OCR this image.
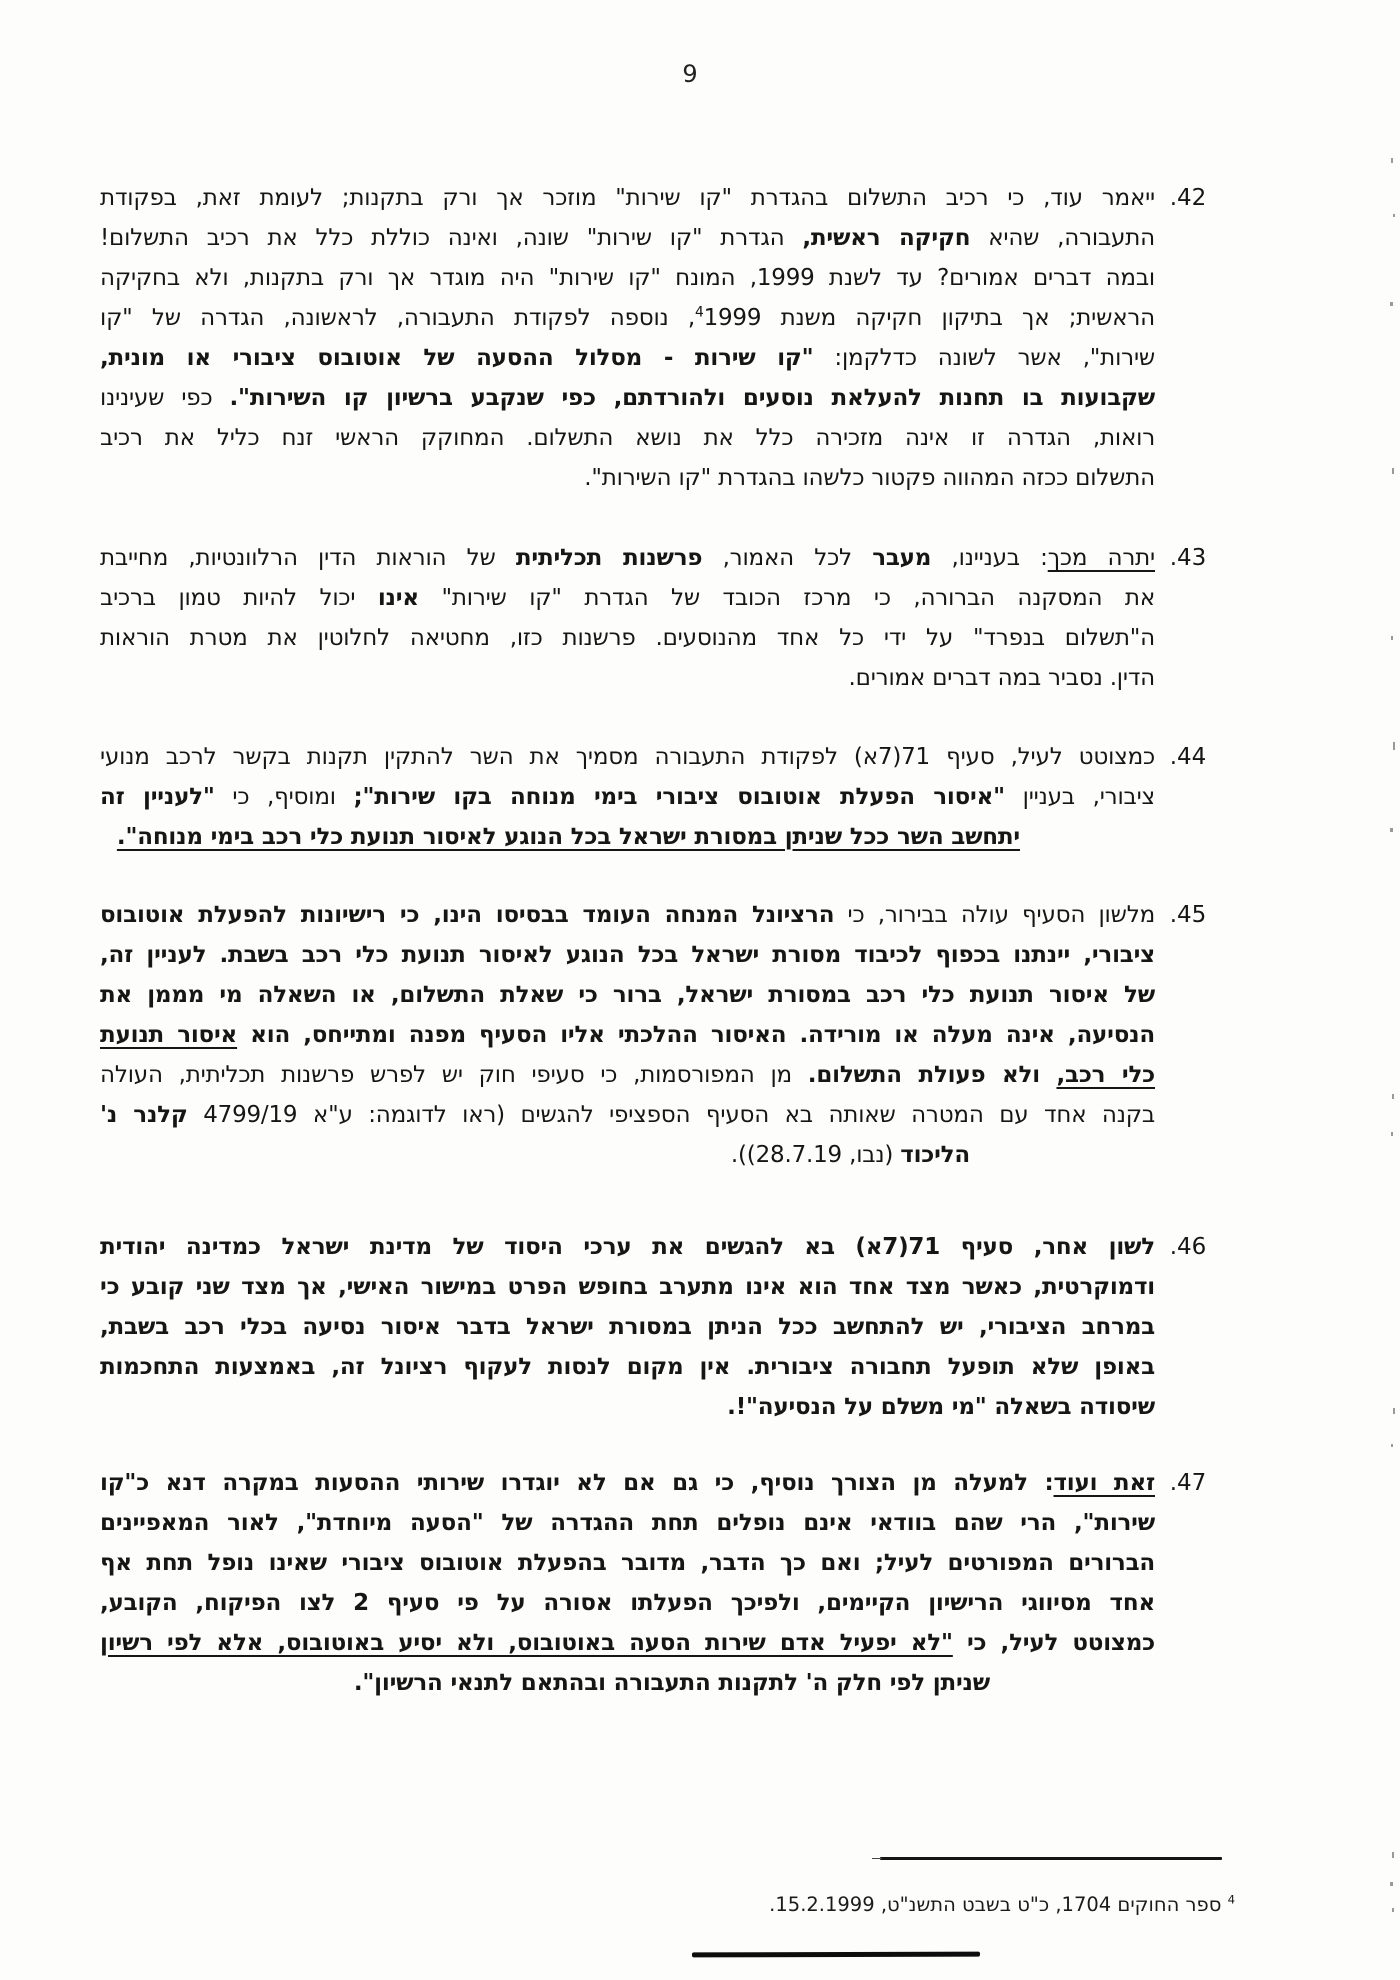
9
42.
ייאמר עוד, כי רכיב התשלום בהגדרת "קו שירות" מוזכר אך ורק בתקנות; לעומת זאת, בפקודת
התעבורה, שהיא חקיקה ראשית, הגדרת "קו שירות" שונה, ואינה כוללת כלל את רכיב התשלום!
ובמה דברים אמורים? עד לשנת 1999, המונח "קו שירות" היה מוגדר אך ורק בתקנות, ולא בחקיקה
הראשית; אך בתיקון חקיקה משנת $^4$1999, נוספה לפקודת התעבורה, לראשונה, הגדרה של "קו
שירות", אשר לשונה כדלקמן: "קו שירות - מסלול ההסעה של אוטובוס ציבורי או מונית,
שקבועות בו תחנות להעלאת נוסעים ולהורדתם, כפי שנקבע ברשיון קו השירות". כפי שעינינו
רואות, הגדרה זו אינה מזכירה כלל את נושא התשלום. המחוקק הראשי זנח כליל את רכיב
התשלום ככזה המהווה פקטור כלשהו בהגדרת "קו השירות".
43.
יתרה מכך: בעניינו, מעבר לכל האמור, פרשנות תכליתית של הוראות הדין הרלוונטיות, מחייבת
את המסקנה הברורה, כי מרכז הכובד של הגדרת "קו שירות" אינו יכול להיות טמון ברכיב
ה"תשלום בנפרד" על ידי כל אחד מהנוסעים. פרשנות כזו, מחטיאה לחלוטין את מטרת הוראות
הדין. נסביר במה דברים אמורים.
44.
כמצוטט לעיל, סעיף 71(7א) לפקודת התעבורה מסמיך את השר להתקין תקנות בקשר לרכב מנועי
ציבורי, בעניין "איסור הפעלת אוטובוס ציבורי בימי מנוחה בקו שירות"; ומוסיף, כי "לעניין זה
יתחשב השר ככל שניתן במסורת ישראל בכל הנוגע לאיסור תנועת כלי רכב בימי מנוחה".
45.
מלשון הסעיף עולה בבירור, כי הרציונל המנחה העומד בבסיסו הינו, כי רישיונות להפעלת אוטובוס
ציבורי, יינתנו בכפוף לכיבוד מסורת ישראל בכל הנוגע לאיסור תנועת כלי רכב בשבת. לעניין זה,
של איסור תנועת כלי רכב במסורת ישראל, ברור כי שאלת התשלום, או השאלה מי מממן את
הנסיעה, אינה מעלה או מורידה. האיסור ההלכתי אליו הסעיף מפנה ומתייחס, הוא איסור תנועת
כלי רכב, ולא פעולת התשלום. מן המפורסמות, כי סעיפי חוק יש לפרש פרשנות תכליתית, העולה
בקנה אחד עם המטרה שאותה בא הסעיף הספציפי להגשים (ראו לדוגמה: ע"א 4799/19 קלנר נ'
הליכוד (נבו, 28.7.19)).
46.
לשון אחר, סעיף 71(7א) בא להגשים את ערכי היסוד של מדינת ישראל כמדינה יהודית
ודמוקרטית, כאשר מצד אחד הוא אינו מתערב בחופש הפרט במישור האישי, אך מצד שני קובע כי
במרחב הציבורי, יש להתחשב ככל הניתן במסורת ישראל בדבר איסור נסיעה בכלי רכב בשבת,
באופן שלא תופעל תחבורה ציבורית. אין מקום לנסות לעקוף רציונל זה, באמצעות התחכמות
שיסודה בשאלה "מי משלם על הנסיעה"!.
47.
זאת ועוד: למעלה מן הצורך נוסיף, כי גם אם לא יוגדרו שירותי ההסעות במקרה דנא כ"קו
שירות", הרי שהם בוודאי אינם נופלים תחת ההגדרה של "הסעה מיוחדת", לאור המאפיינים
הברורים המפורטים לעיל; ואם כך הדבר, מדובר בהפעלת אוטובוס ציבורי שאינו נופל תחת אף
אחד מסיווגי הרישיון הקיימים, ולפיכך הפעלתו אסורה על פי סעיף 2 לצו הפיקוח, הקובע,
כמצוטט לעיל, כי "לא יפעיל אדם שירות הסעה באוטובוס, ולא יסיע באוטובוס, אלא לפי רשיון
שניתן לפי חלק ה' לתקנות התעבורה ובהתאם לתנאי הרשיון".
$^4$ ספר החוקים 1704, כ"ט בשבט התשנ"ט, 15.2.1999.
